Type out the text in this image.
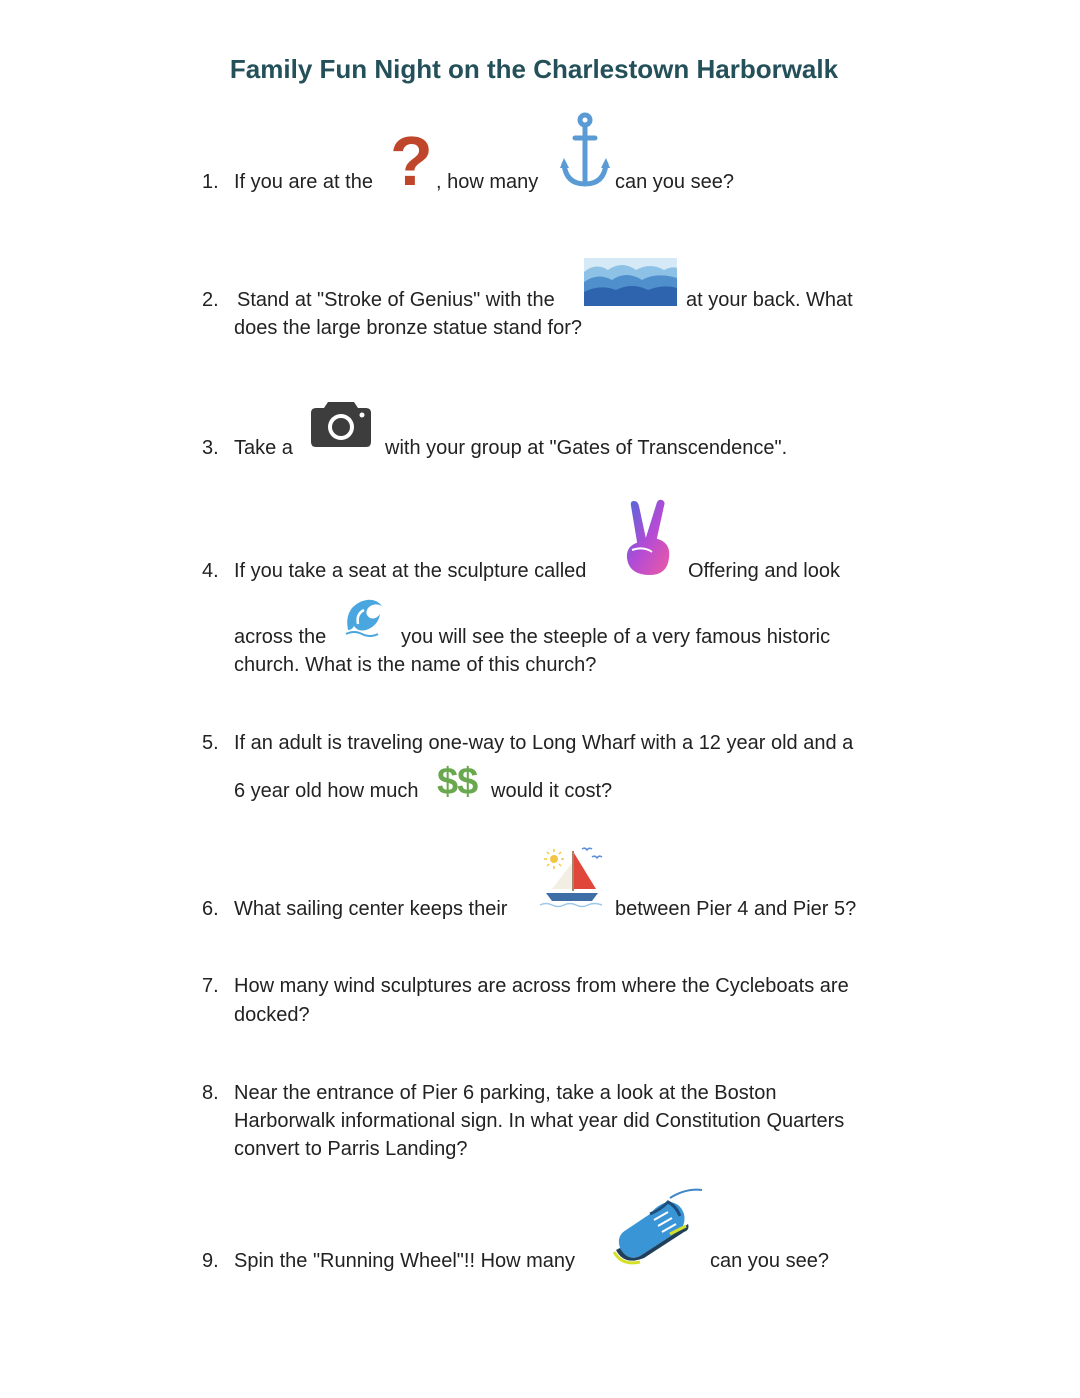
Family Fun Night on the Charlestown Harborwalk
1. If you are at the ? , how many	can you see?
2. Stand at "Stroke of Genius" with the	at your back. What
does the large bronze statue stand for?
3. Take a	with your group at "Gates of Transcendence".
4. If you take a seat at the sculpture called	Offering and look
across the	you will see the steeple of a very famous historic
church. What is the name of this church?
5. If an adult is traveling one-way to Long Wharf with a 12 year old and a
6 year old how much $$ would it cost?
6. What sailing center keeps their	between Pier 4 and Pier 5?
7. How many wind sculptures are across from where the Cycleboats are
docked?
8. Near the entrance of Pier 6 parking, take a look at the Boston
Harborwalk informational sign. In what year did Constitution Quarters
convert to Parris Landing?
9. Spin the "Running Wheel"!! How many	can you see?
